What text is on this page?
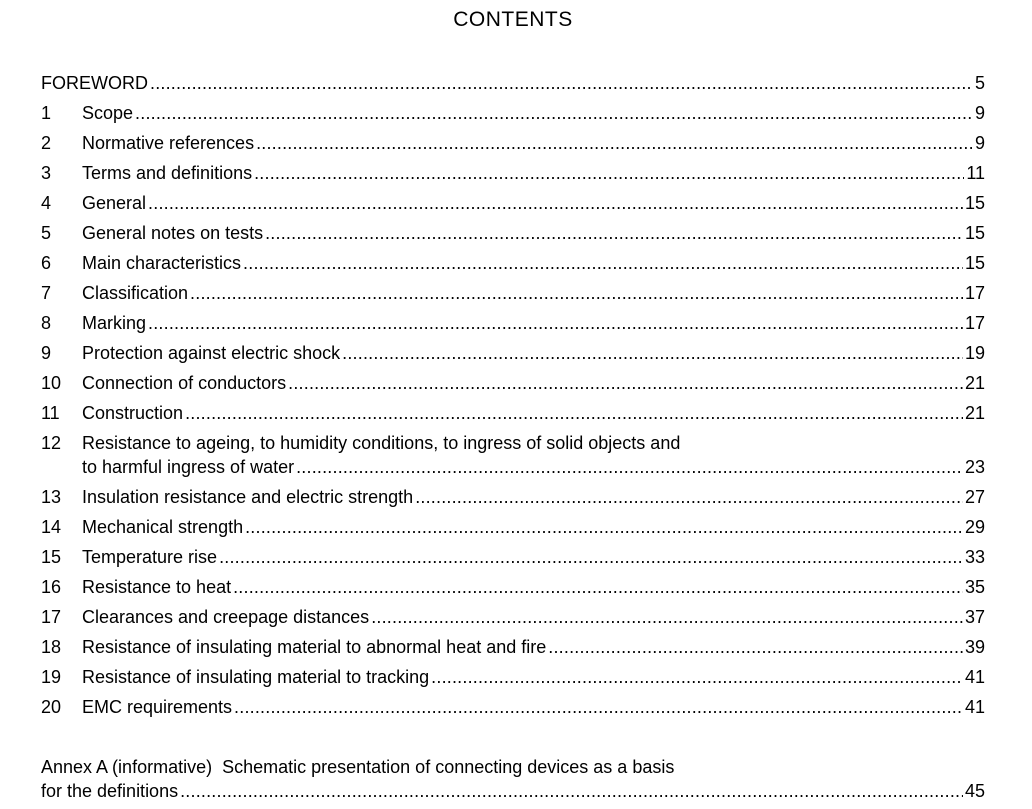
CONTENTS
FOREWORD .....	5
1	Scope .....	9
2	Normative references .....	9
3	Terms and definitions .....	11
4	General .....	15
5	General notes on tests .....	15
6	Main characteristics .....	15
7	Classification .....	17
8	Marking .....	17
9	Protection against electric shock .....	19
10	Connection of conductors .....	21
11	Construction .....	21
12	Resistance to ageing, to humidity conditions, to ingress of solid objects and
to harmful ingress of water .....	23
13	Insulation resistance and electric strength .....	27
14	Mechanical strength .....	29
15	Temperature rise .....	33
16	Resistance to heat .....	35
17	Clearances and creepage distances .....	37
18	Resistance of insulating material to abnormal heat and fire .....	39
19	Resistance of insulating material to tracking .....	41
20	EMC requirements .....	41
Annex A (informative)  Schematic presentation of connecting devices as a basis
for the definitions .....	45
